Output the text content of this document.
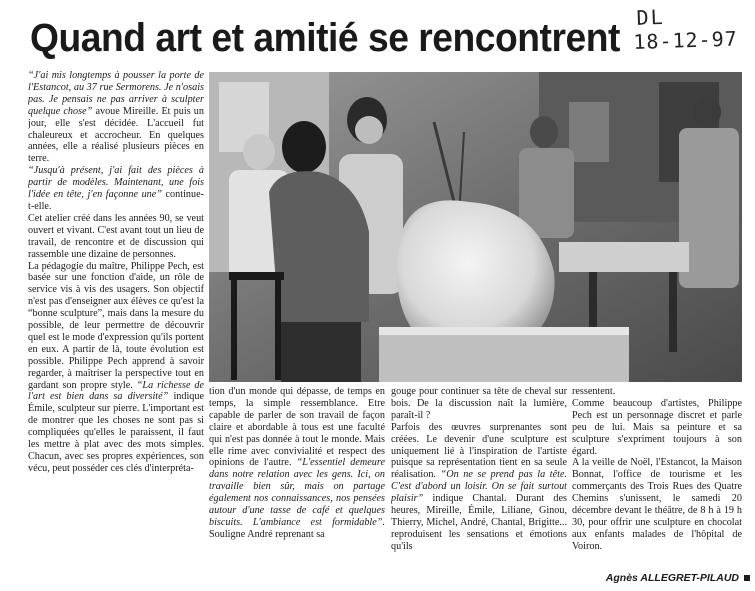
Quand art et amitié se rencontrent DL
18-12-97

“J'ai mis longtemps à pousser la porte de l'Estancot, au 37 rue Sermorens. Je n'osais pas. Je pensais ne pas arriver à sculpter quelque chose” avoue Mireille. Et puis un jour, elle s'est décidée. L'accueil fut chaleureux et accrocheur. En quelques années, elle a réalisé plusieurs pièces en terre.

“Jusqu'à présent, j'ai fait des pièces à partir de modèles. Maintenant, une fois l'idée en tête, j'en façonne une” continue-t-elle.

Cet atelier créé dans les années 90, se veut ouvert et vivant. C'est avant tout un lieu de travail, de rencontre et de discussion qui rassemble une dizaine de personnes.

La pédagogie du maître, Philippe Pech, est basée sur une fonction d'aide, un rôle de service vis à vis des usagers. Son objectif n'est pas d'enseigner aux élèves ce qu'est la “bonne sculpture”, mais dans la mesure du possible, de leur permettre de découvrir quel est le mode d'expression qu'ils portent en eux. A partir de là, toute évolution est possible. Philippe Pech apprend à savoir regarder, à maîtriser la perspective tout en gardant son propre style. “La richesse de l'art est bien dans sa diversité” indique Émile, sculpteur sur pierre. L'important est de montrer que les choses ne sont pas si compliquées qu'elles le paraissent, il faut les mettre à plat avec des mots simples. Chacun, avec ses propres expériences, son vécu, peut posséder ces clés d'interpréta-

tion d'un monde qui dépasse, de temps en temps, la simple ressemblance. Etre capable de parler de son travail de façon claire et abordable à tous est une faculté qui n'est pas donnée à tout le monde. Mais elle rime avec convivialité et respect des opinions de l'autre. “L'essentiel demeure dans notre relation avec les gens. Ici, on travaille bien sûr, mais on partage également nos connaissances, nos pensées autour d'une tasse de café et quelques biscuits. L'ambiance est formidable”. Souligne André reprenant sa

gouge pour continuer sa tête de cheval sur bois. De la discussion naît la lumière, paraît-il ?

Parfois des œuvres surprenantes sont créées. Le devenir d'une sculpture est uniquement lié à l'inspiration de l'artiste puisque sa représentation tient en sa seule réalisation. “On ne se prend pas la tête. C'est d'abord un loisir. On se fait surtout plaisir” indique Chantal. Durant des heures, Mireille, Émile, Liliane, Ginou, Thierry, Michel, André, Chantal, Brigitte... reproduisent les sensations et émotions qu'ils

ressentent.

Comme beaucoup d'artistes, Philippe Pech est un personnage discret et parle peu de lui. Mais sa peinture et sa sculpture s'expriment toujours à son égard.

A la veille de Noël, l'Estancot, la Maison Bonnat, l'office de tourisme et les commerçants des Trois Rues des Quatre Chemins s'unissent, le samedi 20 décembre devant le théâtre, de 8 h à 19 h 30, pour offrir une sculpture en chocolat aux enfants malades de l'hôpital de Voiron.

Agnès ALLEGRET-PILAUD
